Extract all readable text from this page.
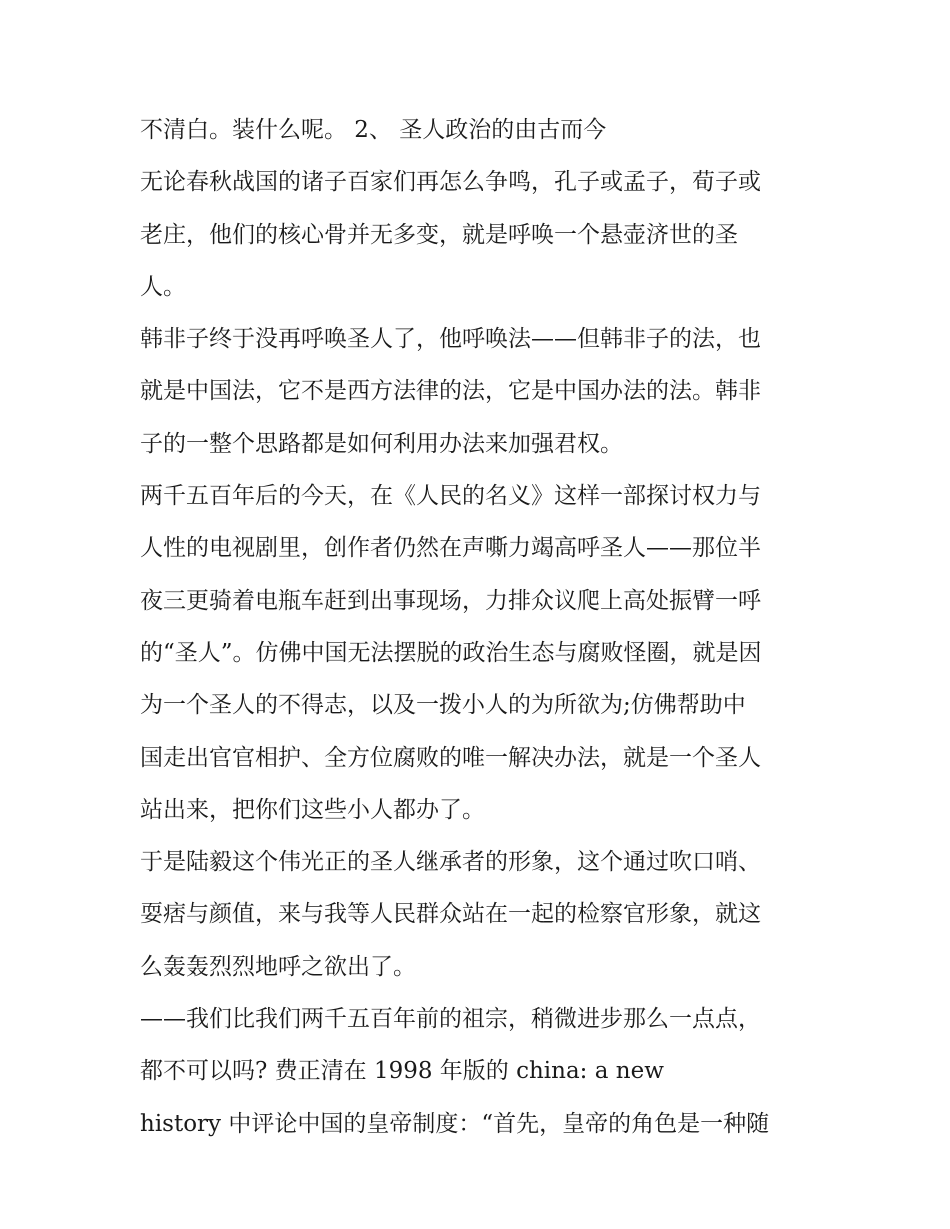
不清白。装什么呢。 2、 圣人政治的由古而今
无论春秋战国的诸子百家们再怎么争鸣，孔子或孟子，荀子或
老庄，他们的核心骨并无多变，就是呼唤一个悬壶济世的圣
人。
韩非子终于没再呼唤圣人了，他呼唤法——但韩非子的法，也
就是中国法，它不是西方法律的法，它是中国办法的法。韩非
子的一整个思路都是如何利用办法来加强君权。
两千五百年后的今天，在《人民的名义》这样一部探讨权力与
人性的电视剧里，创作者仍然在声嘶力竭高呼圣人——那位半
夜三更骑着电瓶车赶到出事现场，力排众议爬上高处振臂一呼
的“圣人”。仿佛中国无法摆脱的政治生态与腐败怪圈，就是因
为一个圣人的不得志，以及一拨小人的为所欲为;仿佛帮助中
国走出官官相护、全方位腐败的唯一解决办法，就是一个圣人
站出来，把你们这些小人都办了。
于是陆毅这个伟光正的圣人继承者的形象，这个通过吹口哨、
耍痞与颜值，来与我等人民群众站在一起的检察官形象，就这
么轰轰烈烈地呼之欲出了。
——我们比我们两千五百年前的祖宗，稍微进步那么一点点，
都不可以吗? 费正清在 1998 年版的 china: a new
history 中评论中国的皇帝制度：“首先，皇帝的角色是一种随
